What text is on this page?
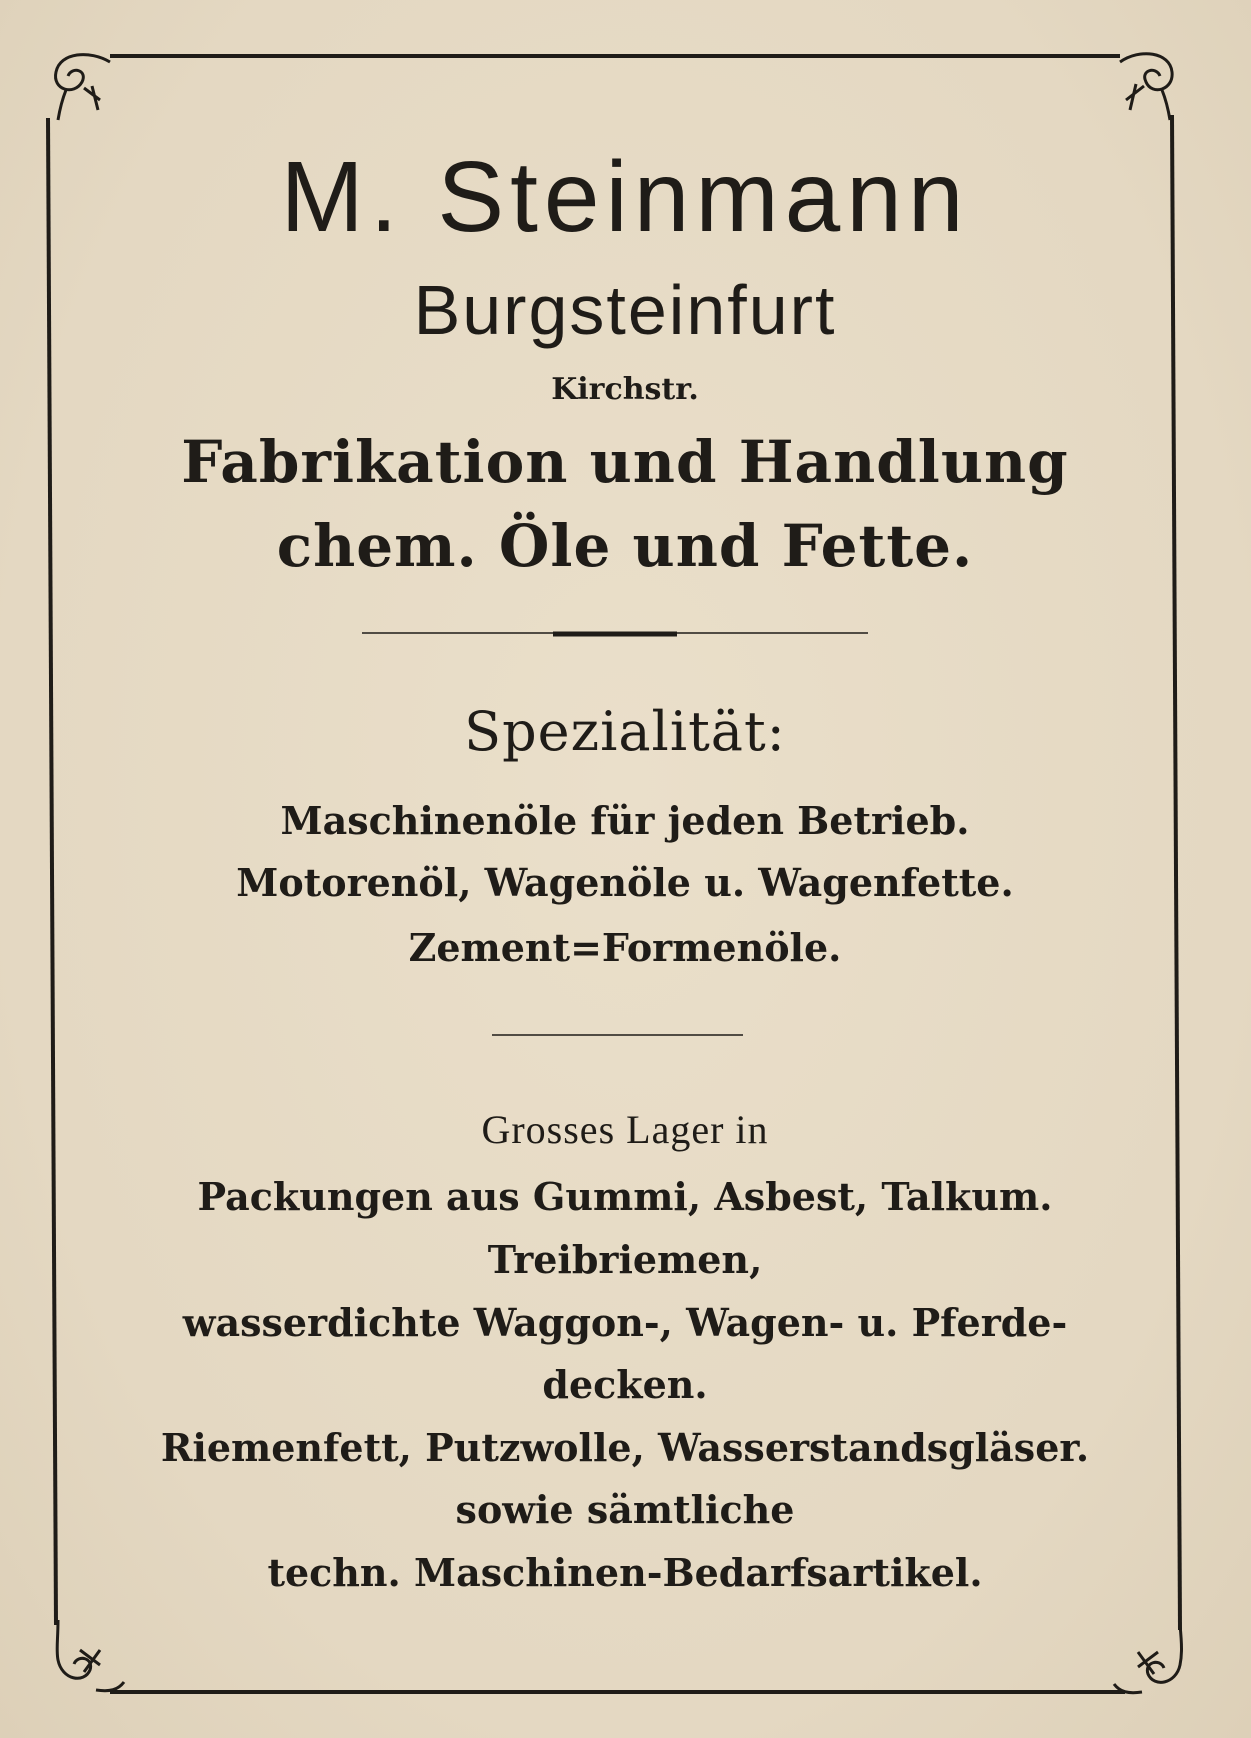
M. Steinmann
Burgsteinfurt
Kirchstr.
Fabrikation und Handlung
chem. Öle und Fette.
Spezialität:
Maschinenöle für jeden Betrieb.
Motorenöl, Wagenöle u. Wagenfette.
Zement=Formenöle.
Grosses Lager in
Packungen aus Gummi, Asbest, Talkum.
Treibriemen,
wasserdichte Waggon-, Wagen- u. Pferde-
decken.
Riemenfett, Putzwolle, Wasserstandsgläser.
sowie sämtliche
techn. Maschinen-Bedarfsartikel.
